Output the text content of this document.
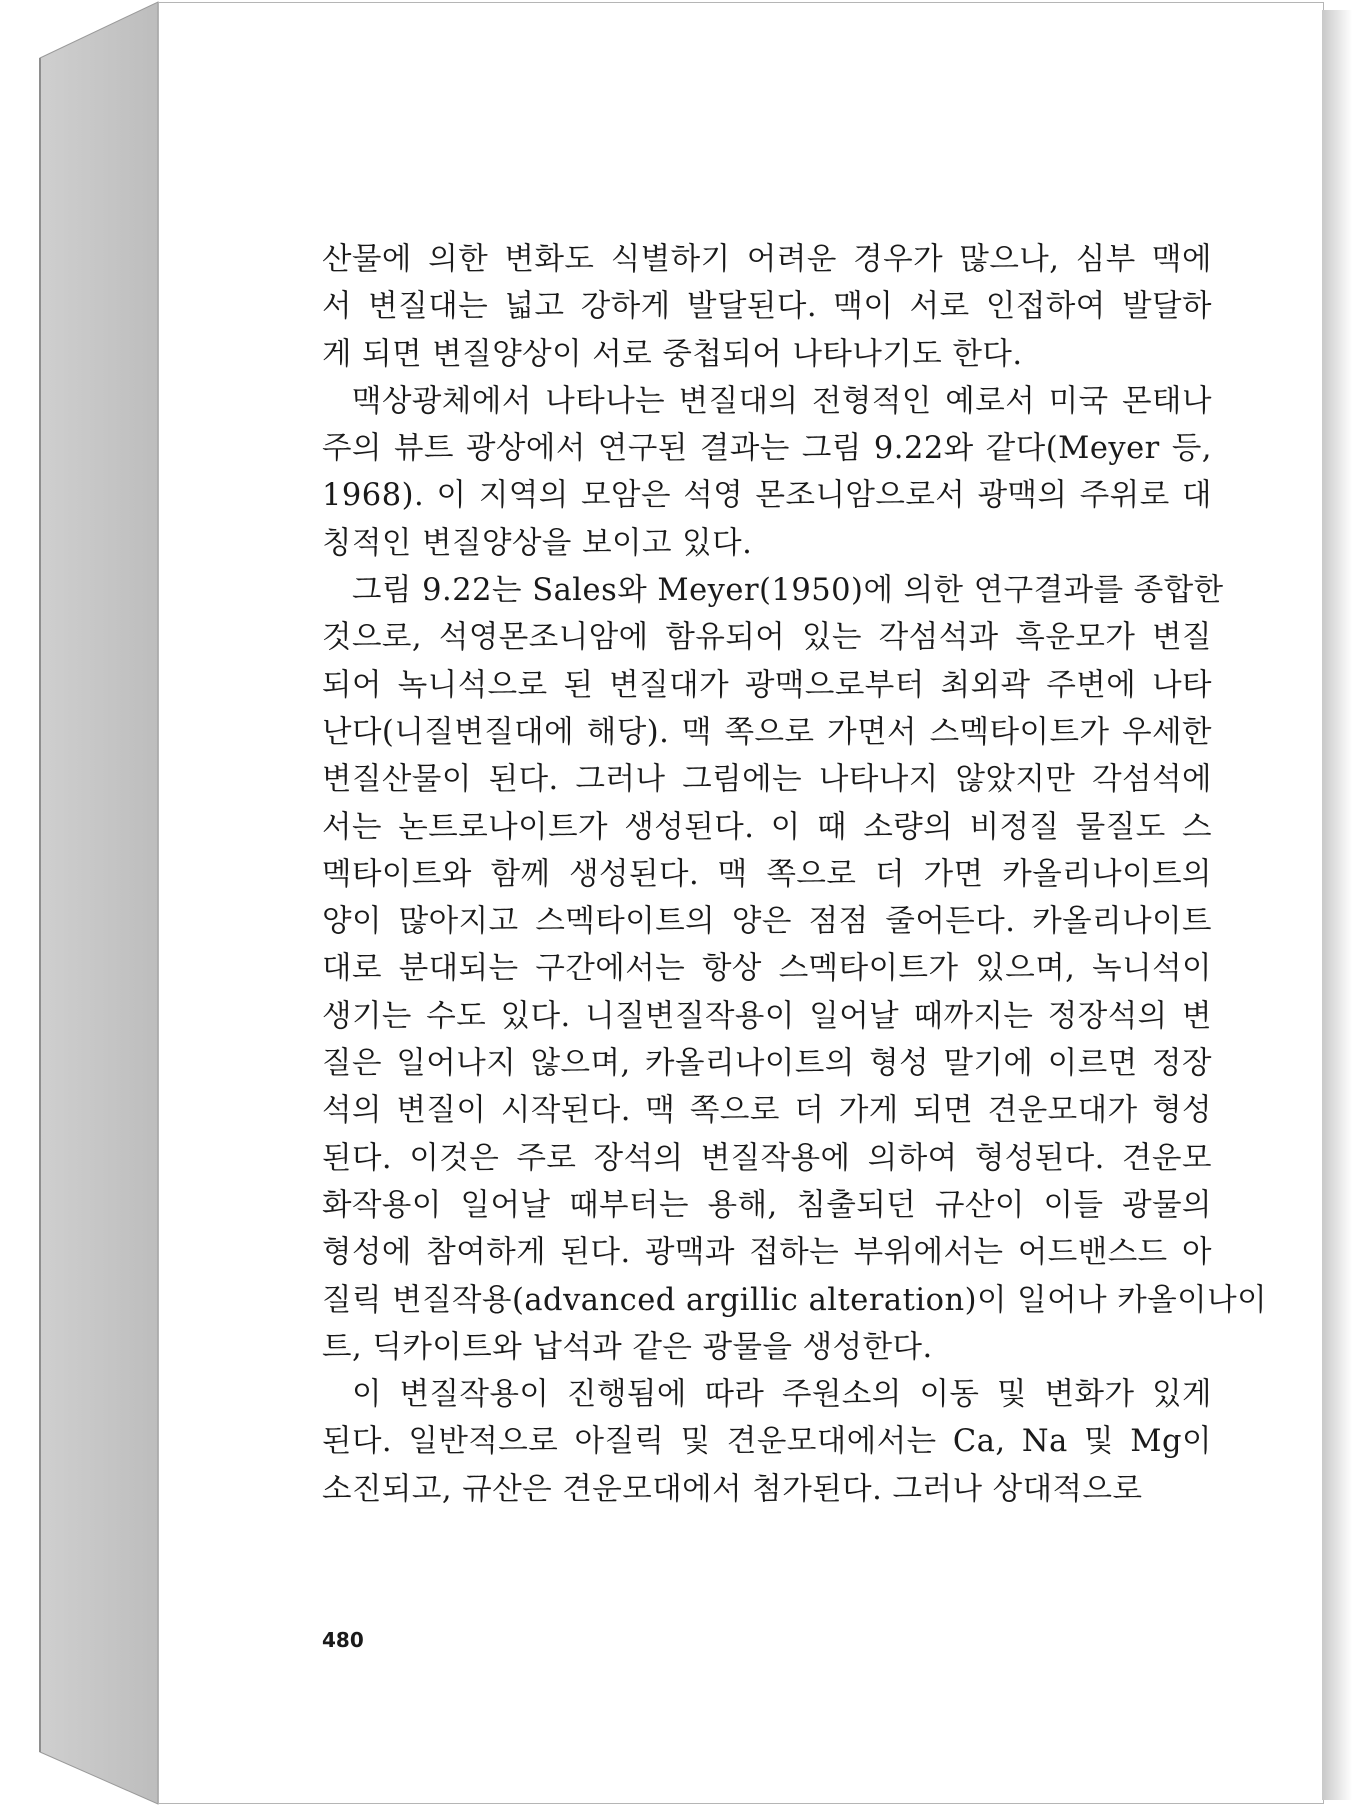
산물에 의한 변화도 식별하기 어려운 경우가 많으나, 심부 맥에
서 변질대는 넓고 강하게 발달된다. 맥이 서로 인접하여 발달하
게 되면 변질양상이 서로 중첩되어 나타나기도 한다.
맥상광체에서 나타나는 변질대의 전형적인 예로서 미국 몬태나
주의 뷰트 광상에서 연구된 결과는 그림 9.22와 같다(Meyer 등,
1968). 이 지역의 모암은 석영 몬조니암으로서 광맥의 주위로 대
칭적인 변질양상을 보이고 있다.
그림 9.22는 Sales와 Meyer(1950)에 의한 연구결과를 종합한
것으로, 석영몬조니암에 함유되어 있는 각섬석과 흑운모가 변질
되어 녹니석으로 된 변질대가 광맥으로부터 최외곽 주변에 나타
난다(니질변질대에 해당). 맥 쪽으로 가면서 스멕타이트가 우세한
변질산물이 된다. 그러나 그림에는 나타나지 않았지만 각섬석에
서는 논트로나이트가 생성된다. 이 때 소량의 비정질 물질도 스
멕타이트와 함께 생성된다. 맥 쪽으로 더 가면 카올리나이트의
양이 많아지고 스멕타이트의 양은 점점 줄어든다. 카올리나이트
대로 분대되는 구간에서는 항상 스멕타이트가 있으며, 녹니석이
생기는 수도 있다. 니질변질작용이 일어날 때까지는 정장석의 변
질은 일어나지 않으며, 카올리나이트의 형성 말기에 이르면 정장
석의 변질이 시작된다. 맥 쪽으로 더 가게 되면 견운모대가 형성
된다. 이것은 주로 장석의 변질작용에 의하여 형성된다. 견운모
화작용이 일어날 때부터는 용해, 침출되던 규산이 이들 광물의
형성에 참여하게 된다. 광맥과 접하는 부위에서는 어드밴스드 아
질릭 변질작용(advanced argillic alteration)이 일어나 카올이나이
트, 딕카이트와 납석과 같은 광물을 생성한다.
이 변질작용이 진행됨에 따라 주원소의 이동 및 변화가 있게
된다. 일반적으로 아질릭 및 견운모대에서는 Ca, Na 및 Mg이
소진되고, 규산은 견운모대에서 첨가된다. 그러나 상대적으로
480
